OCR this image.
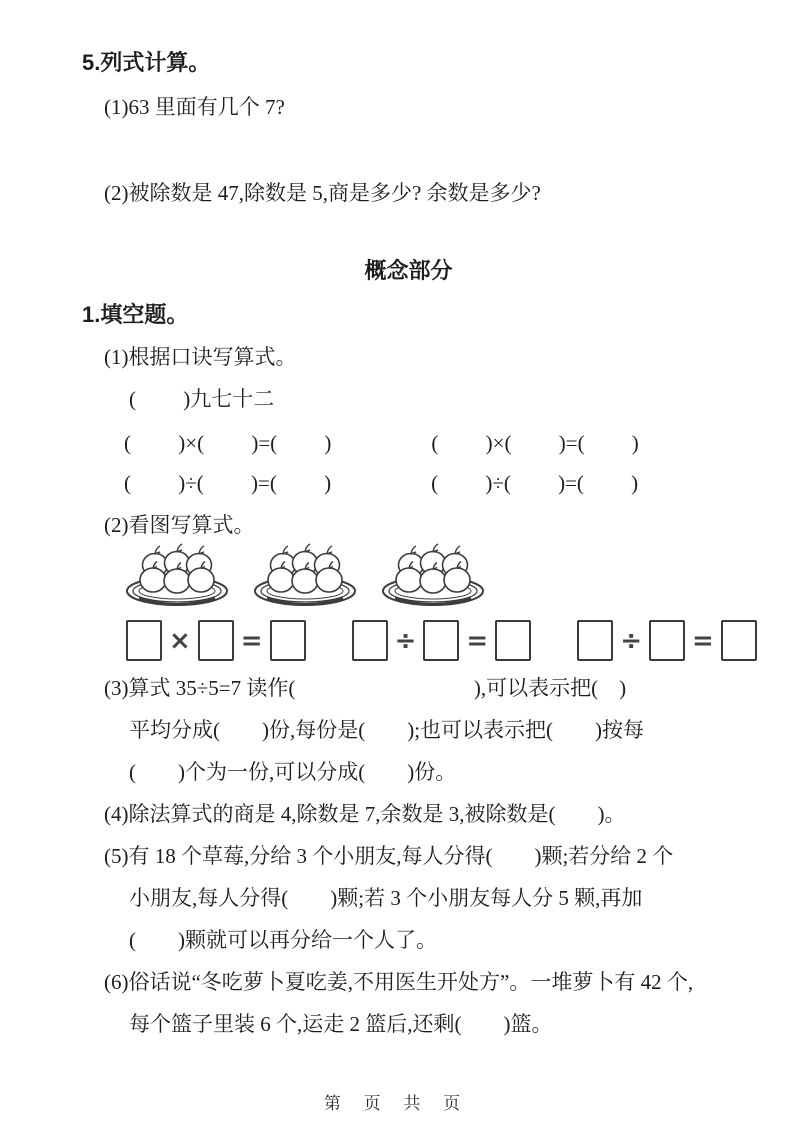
5.列式计算。
(1)63 里面有几个 7?
(2)被除数是 47,除数是 5,商是多少? 余数是多少?
概念部分
1.填空题。
(1)根据口诀写算式。
(         )九七十二
(         )×(         )=(         )	(         )×(         )=(         )
(         )÷(         )=(         )	(         )÷(         )=(         )
(2)看图写算式。
× =	÷ =	÷ =
(3)算式 35÷5=7 读作(                                  ),可以表示把(    )
平均分成(        )份,每份是(        );也可以表示把(        )按每
(        )个为一份,可以分成(        )份。
(4)除法算式的商是 4,除数是 7,余数是 3,被除数是(        )。
(5)有 18 个草莓,分给 3 个小朋友,每人分得(        )颗;若分给 2 个
小朋友,每人分得(        )颗;若 3 个小朋友每人分 5 颗,再加
(        )颗就可以再分给一个人了。
(6)俗话说“冬吃萝卜夏吃姜,不用医生开处方”。一堆萝卜有 42 个,
每个篮子里装 6 个,运走 2 篮后,还剩(        )篮。
第 页 共 页
